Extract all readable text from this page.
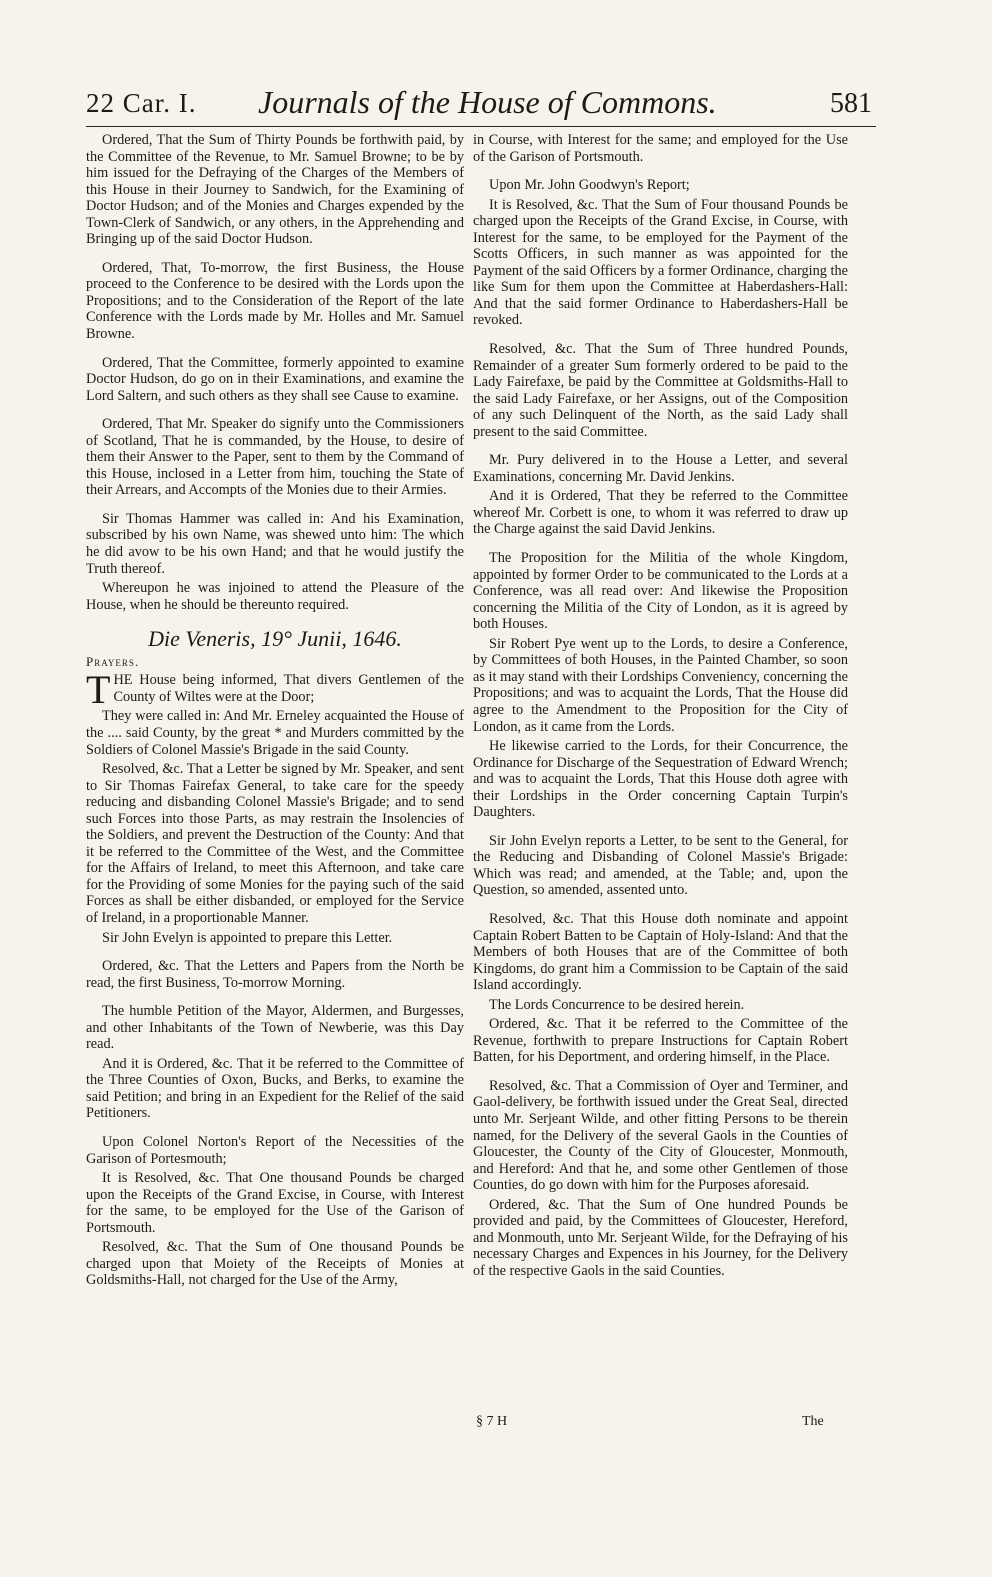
22 Car. I. Journals of the House of Commons.	581

Ordered, That the Sum of Thirty Pounds be forthwith paid, by the Committee of the Revenue, to Mr. Samuel Browne; to be by him issued for the Defraying of the Charges of the Members of this House in their Journey to Sandwich, for the Examining of Doctor Hudson; and of the Monies and Charges expended by the Town-Clerk of Sandwich, or any others, in the Apprehending and Bringing up of the said Doctor Hudson.

Ordered, That, To-morrow, the first Business, the House proceed to the Conference to be desired with the Lords upon the Propositions; and to the Consideration of the Report of the late Conference with the Lords made by Mr. Holles and Mr. Samuel Browne.

Ordered, That the Committee, formerly appointed to examine Doctor Hudson, do go on in their Examinations, and examine the Lord Saltern, and such others as they shall see Cause to examine.

Ordered, That Mr. Speaker do signify unto the Commissioners of Scotland, That he is commanded, by the House, to desire of them their Answer to the Paper, sent to them by the Command of this House, inclosed in a Letter from him, touching the State of their Arrears, and Accompts of the Monies due to their Armies.

Sir Thomas Hammer was called in: And his Examination, subscribed by his own Name, was shewed unto him: The which he did avow to be his own Hand; and that he would justify the Truth thereof.

Whereupon he was injoined to attend the Pleasure of the House, when he should be thereunto required.

Die Veneris, 19° Junii, 1646.

Prayers.

THE House being informed, That divers Gentlemen of the County of Wiltes were at the Door;

They were called in: And Mr. Erneley acquainted the House of the .... said County, by the great * and Murders committed by the Soldiers of Colonel Massie's Brigade in the said County.

Resolved, &c. That a Letter be signed by Mr. Speaker, and sent to Sir Thomas Fairefax General, to take care for the speedy reducing and disbanding Colonel Massie's Brigade; and to send such Forces into those Parts, as may restrain the Insolencies of the Soldiers, and prevent the Destruction of the County: And that it be referred to the Committee of the West, and the Committee for the Affairs of Ireland, to meet this Afternoon, and take care for the Providing of some Monies for the paying such of the said Forces as shall be either disbanded, or employed for the Service of Ireland, in a proportionable Manner.

Sir John Evelyn is appointed to prepare this Letter.

Ordered, &c. That the Letters and Papers from the North be read, the first Business, To-morrow Morning.

The humble Petition of the Mayor, Aldermen, and Burgesses, and other Inhabitants of the Town of Newberie, was this Day read.

And it is Ordered, &c. That it be referred to the Committee of the Three Counties of Oxon, Bucks, and Berks, to examine the said Petition; and bring in an Expedient for the Relief of the said Petitioners.

Upon Colonel Norton's Report of the Necessities of the Garison of Portesmouth;

It is Resolved, &c. That One thousand Pounds be charged upon the Receipts of the Grand Excise, in Course, with Interest for the same, to be employed for the Use of the Garison of Portsmouth.

Resolved, &c. That the Sum of One thousand Pounds be charged upon that Moiety of the Receipts of Monies at Goldsmiths-Hall, not charged for the Use of the Army,

in Course, with Interest for the same; and employed for the Use of the Garison of Portsmouth.

Upon Mr. John Goodwyn's Report;

It is Resolved, &c. That the Sum of Four thousand Pounds be charged upon the Receipts of the Grand Excise, in Course, with Interest for the same, to be employed for the Payment of the Scotts Officers, in such manner as was appointed for the Payment of the said Officers by a former Ordinance, charging the like Sum for them upon the Committee at Haberdashers-Hall: And that the said former Ordinance to Haberdashers-Hall be revoked.

Resolved, &c. That the Sum of Three hundred Pounds, Remainder of a greater Sum formerly ordered to be paid to the Lady Fairefaxe, be paid by the Committee at Goldsmiths-Hall to the said Lady Fairefaxe, or her Assigns, out of the Composition of any such Delinquent of the North, as the said Lady shall present to the said Committee.

Mr. Pury delivered in to the House a Letter, and several Examinations, concerning Mr. David Jenkins.

And it is Ordered, That they be referred to the Committee whereof Mr. Corbett is one, to whom it was referred to draw up the Charge against the said David Jenkins.

The Proposition for the Militia of the whole Kingdom, appointed by former Order to be communicated to the Lords at a Conference, was all read over: And likewise the Proposition concerning the Militia of the City of London, as it is agreed by both Houses.

Sir Robert Pye went up to the Lords, to desire a Conference, by Committees of both Houses, in the Painted Chamber, so soon as it may stand with their Lordships Conveniency, concerning the Propositions; and was to acquaint the Lords, That the House did agree to the Amendment to the Proposition for the City of London, as it came from the Lords.

He likewise carried to the Lords, for their Concurrence, the Ordinance for Discharge of the Sequestration of Edward Wrench; and was to acquaint the Lords, That this House doth agree with their Lordships in the Order concerning Captain Turpin's Daughters.

Sir John Evelyn reports a Letter, to be sent to the General, for the Reducing and Disbanding of Colonel Massie's Brigade: Which was read; and amended, at the Table; and, upon the Question, so amended, assented unto.

Resolved, &c. That this House doth nominate and appoint Captain Robert Batten to be Captain of Holy-Island: And that the Members of both Houses that are of the Committee of both Kingdoms, do grant him a Commission to be Captain of the said Island accordingly.

The Lords Concurrence to be desired herein.

Ordered, &c. That it be referred to the Committee of the Revenue, forthwith to prepare Instructions for Captain Robert Batten, for his Deportment, and ordering himself, in the Place.

Resolved, &c. That a Commission of Oyer and Terminer, and Gaol-delivery, be forthwith issued under the Great Seal, directed unto Mr. Serjeant Wilde, and other fitting Persons to be therein named, for the Delivery of the several Gaols in the Counties of Gloucester, the County of the City of Gloucester, Monmouth, and Hereford: And that he, and some other Gentlemen of those Counties, do go down with him for the Purposes aforesaid.

Ordered, &c. That the Sum of One hundred Pounds be provided and paid, by the Committees of Gloucester, Hereford, and Monmouth, unto Mr. Serjeant Wilde, for the Defraying of his necessary Charges and Expences in his Journey, for the Delivery of the respective Gaols in the said Counties.

§ 7 H	The
